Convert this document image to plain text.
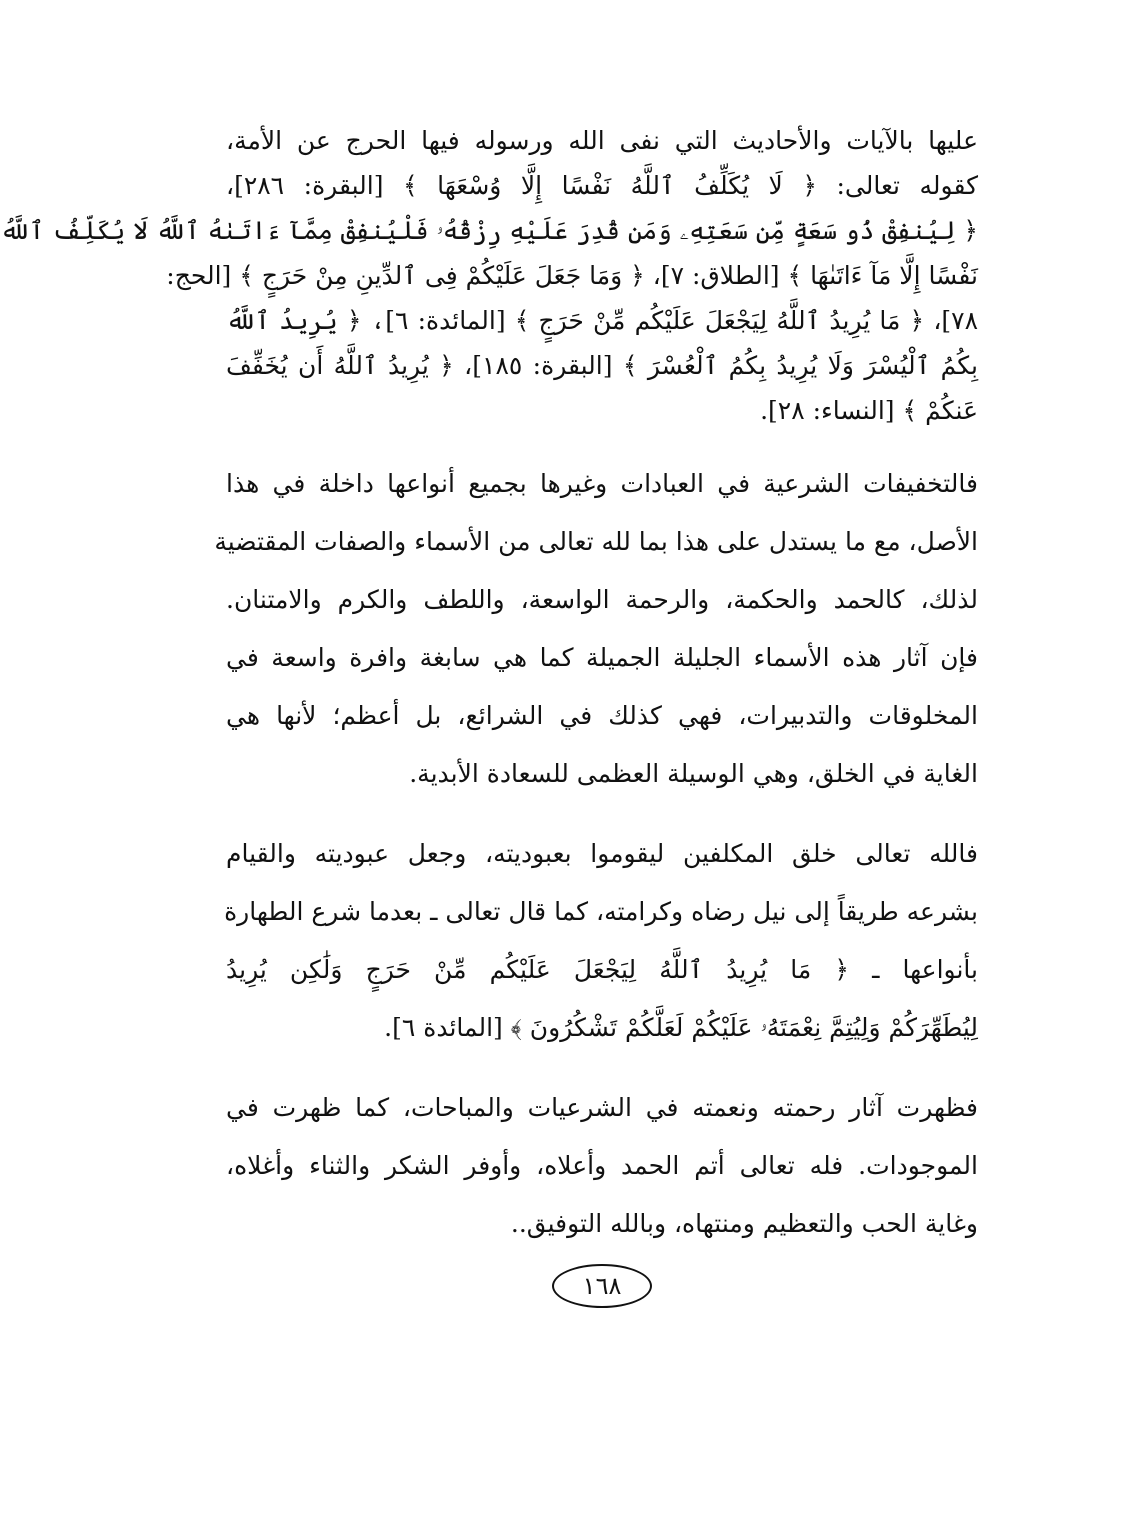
عليها بالآيات والأحاديث التي نفى الله ورسوله فيها الحرج عن الأمة،
كقوله تعالى: ﴿ لَا يُكَلِّفُ ٱللَّهُ نَفْسًا إِلَّا وُسْعَهَا ﴾ [البقرة: ٢٨٦]،
﴿ لِيُنفِقْ ذُو سَعَةٍ مِّن سَعَتِهِۦ وَمَن قُدِرَ عَلَيْهِ رِزْقُهُۥ فَلْيُنفِقْ مِمَّآ ءَاتَىٰهُ ٱللَّهُ لَا يُكَلِّفُ ٱللَّهُ
نَفْسًا إِلَّا مَآ ءَاتَىٰهَا ﴾ [الطلاق: ٧]، ﴿ وَمَا جَعَلَ عَلَيْكُمْ فِى ٱلدِّينِ مِنْ حَرَجٍ ﴾ [الحج:
٧٨]، ﴿ مَا يُرِيدُ ٱللَّهُ لِيَجْعَلَ عَلَيْكُم مِّنْ حَرَجٍ ﴾ [المائدة: ٦]، ﴿ يُرِيدُ ٱللَّهُ
بِكُمُ ٱلْيُسْرَ وَلَا يُرِيدُ بِكُمُ ٱلْعُسْرَ ﴾ [البقرة: ١٨٥]، ﴿ يُرِيدُ ٱللَّهُ أَن يُخَفِّفَ
عَنكُمْ ﴾ [النساء: ٢٨].
فالتخفيفات الشرعية في العبادات وغيرها بجميع أنواعها داخلة في هذا
الأصل، مع ما يستدل على هذا بما لله تعالى من الأسماء والصفات المقتضية
لذلك، كالحمد والحكمة، والرحمة الواسعة، واللطف والكرم والامتنان.
فإن آثار هذه الأسماء الجليلة الجميلة كما هي سابغة وافرة واسعة في
المخلوقات والتدبيرات، فهي كذلك في الشرائع، بل أعظم؛ لأنها هي
الغاية في الخلق، وهي الوسيلة العظمى للسعادة الأبدية.
فالله تعالى خلق المكلفين ليقوموا بعبوديته، وجعل عبوديته والقيام
بشرعه طريقاً إلى نيل رضاه وكرامته، كما قال تعالى ـ بعدما شرع الطهارة
بأنواعها ـ ﴿ مَا يُرِيدُ ٱللَّهُ لِيَجْعَلَ عَلَيْكُم مِّنْ حَرَجٍ وَلَٰكِن يُرِيدُ
لِيُطَهِّرَكُمْ وَلِيُتِمَّ نِعْمَتَهُۥ عَلَيْكُمْ لَعَلَّكُمْ تَشْكُرُونَ ﴾ [المائدة ٦].
فظهرت آثار رحمته ونعمته في الشرعيات والمباحات، كما ظهرت في
الموجودات. فله تعالى أتم الحمد وأعلاه، وأوفر الشكر والثناء وأغلاه،
وغاية الحب والتعظيم ومنتهاه، وبالله التوفيق..
١٦٨
